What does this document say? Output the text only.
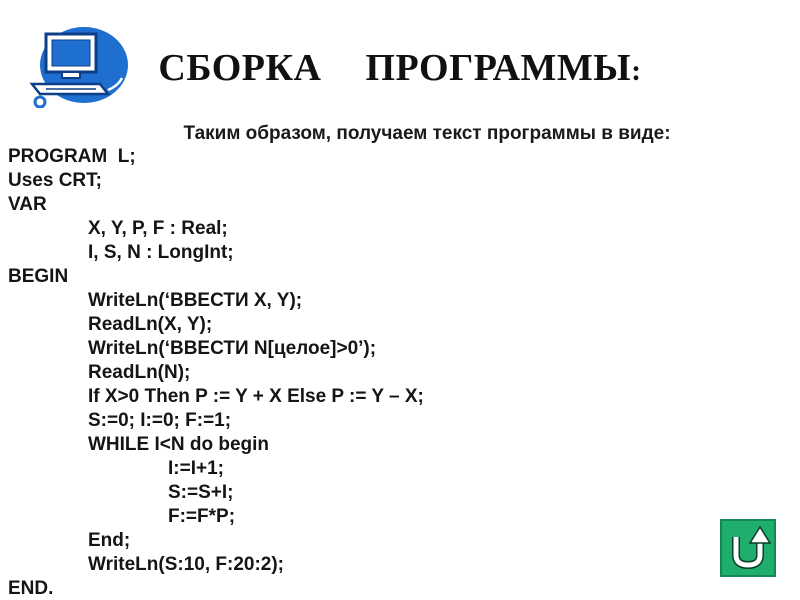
СБОРКА ПРОГРАММЫ:
Таким образом, получаем текст программы в виде:
PROGRAM  L;
Uses CRT;
VAR
X, Y, P, F : Real;
I, S, N : LongInt;
BEGIN
WriteLn(‘ВВЕСТИ X, Y);
ReadLn(X, Y);
WriteLn(‘ВВЕСТИ N[целое]>0’);
ReadLn(N);
If X>0 Then P := Y + X Else P := Y – X;
S:=0; I:=0; F:=1;
WHILE I<N do begin
I:=I+1;
S:=S+I;
F:=F*P;
End;
WriteLn(S:10, F:20:2);
END.
